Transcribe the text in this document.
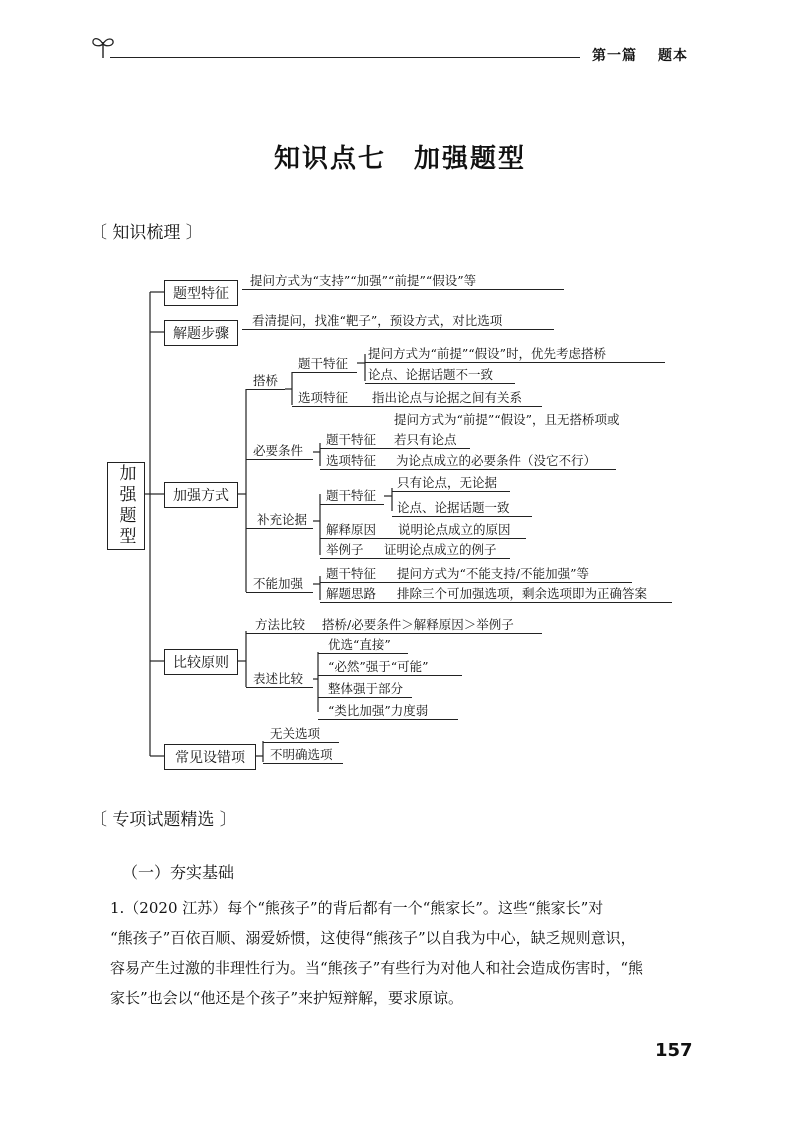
第一篇 题本
知识点七　加强题型
〔 知识梳理 〕
加强题型
题型特征
解题步骤
加强方式
比较原则
常见设错项
提问方式为“支持”“加强”“前提”“假设”等
看清提问，找准“靶子”，预设方式，对比选项
搭桥
题干特征
提问方式为“前提”“假设”时，优先考虑搭桥
论点、论据话题不一致
选项特征 指出论点与论据之间有关系
必要条件
提问方式为“前提”“假设”，且无搭桥项或
题干特征 若只有论点
选项特征 为论点成立的必要条件（没它不行）
补充论据
题干特征
只有论点，无论据
论点、论据话题一致
解释原因 说明论点成立的原因
举例子 证明论点成立的例子
不能加强
题干特征 提问方式为“不能支持/不能加强”等
解题思路 排除三个可加强选项，剩余选项即为正确答案
方法比较 搭桥/必要条件＞解释原因＞举例子
表述比较
优选“直接”
“必然”强于“可能”
整体强于部分
“类比加强”力度弱
无关选项
不明确选项
〔 专项试题精选 〕
（一）夯实基础
1.（2020 江苏）每个“熊孩子”的背后都有一个“熊家长”。这些“熊家长”对
“熊孩子”百依百顺、溺爱娇惯，这使得“熊孩子”以自我为中心，缺乏规则意识，
容易产生过激的非理性行为。当“熊孩子”有些行为对他人和社会造成伤害时，“熊
家长”也会以“他还是个孩子”来护短辩解，要求原谅。
157
